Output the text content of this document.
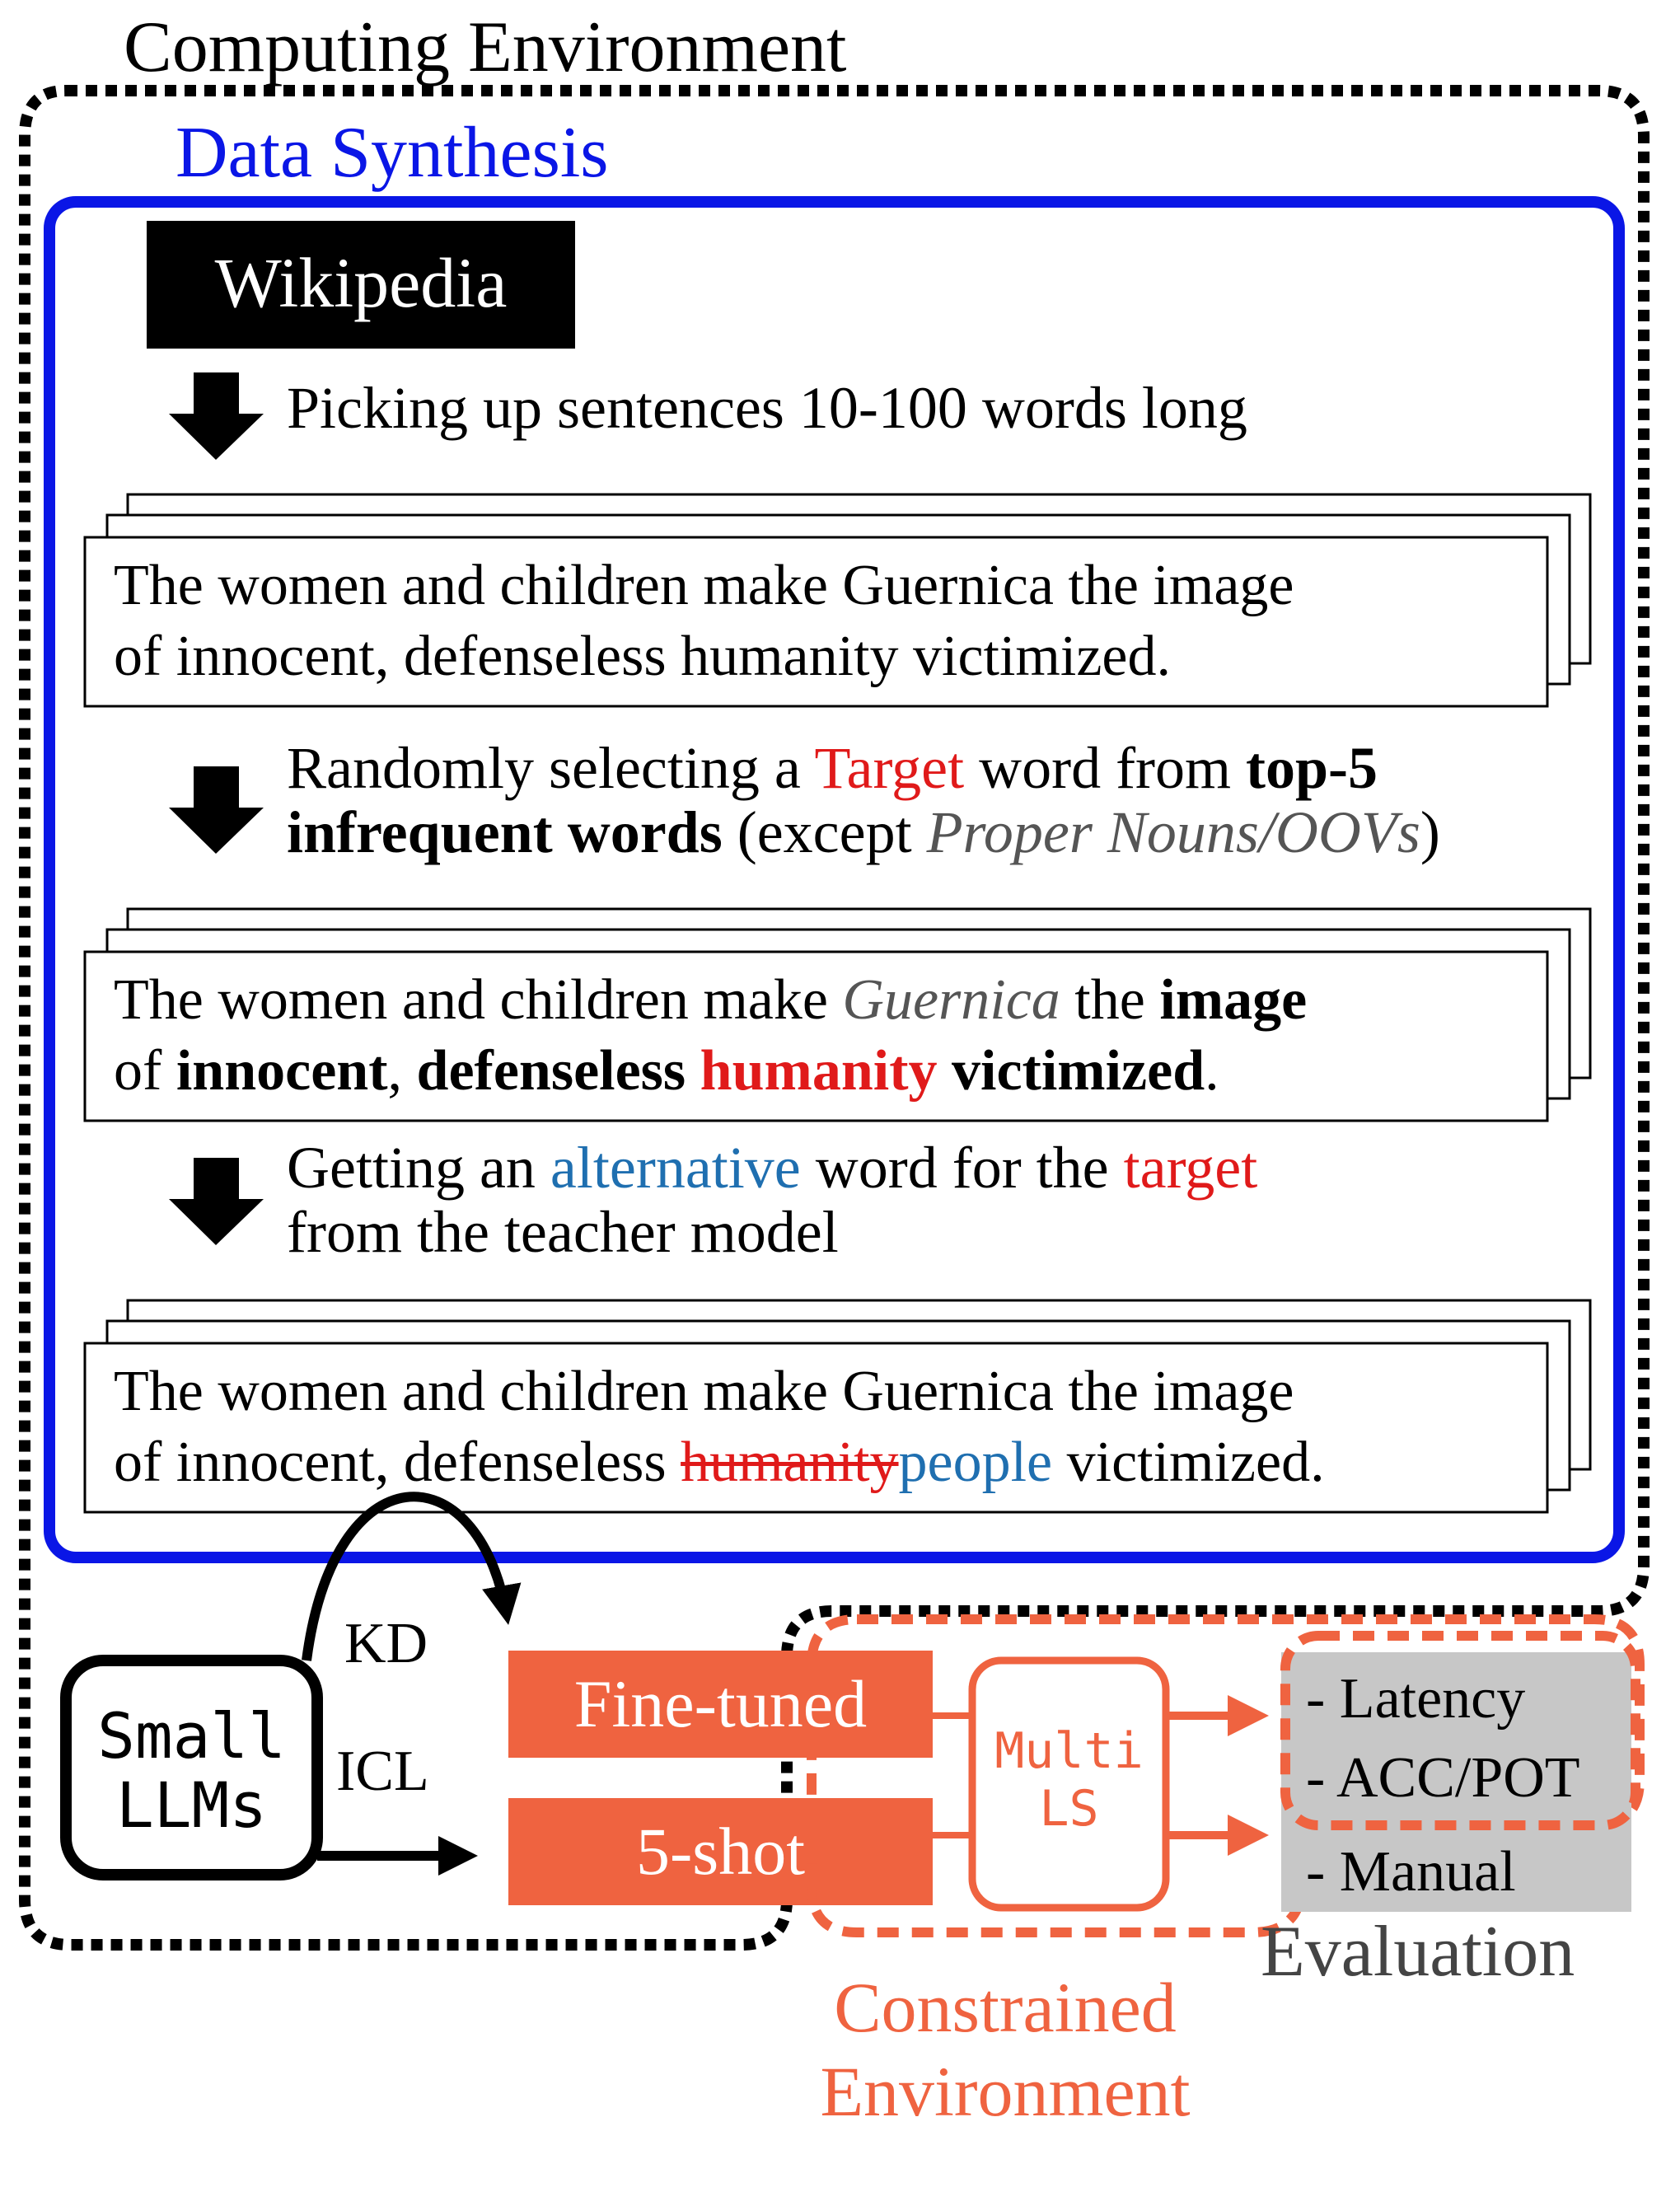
Computing Environment
Data Synthesis
Wikipedia
Picking up sentences 10-100 words long
The women and children make Guernica the image
of innocent, defenseless humanity victimized.
Randomly selecting a Target word from top-5
infrequent words (except Proper Nouns/OOVs)
The women and children make Guernica the image
of innocent, defenseless humanity victimized.
Getting an alternative word for the target
from the teacher model
The women and children make Guernica the image
of innocent, defenseless humanitypeople victimized.
Small
LLMs
KD
ICL
Fine-tuned
5-shot
Multi
LS
- Latency
- ACC/POT
- Manual
Constrained
Environment
Evaluation
